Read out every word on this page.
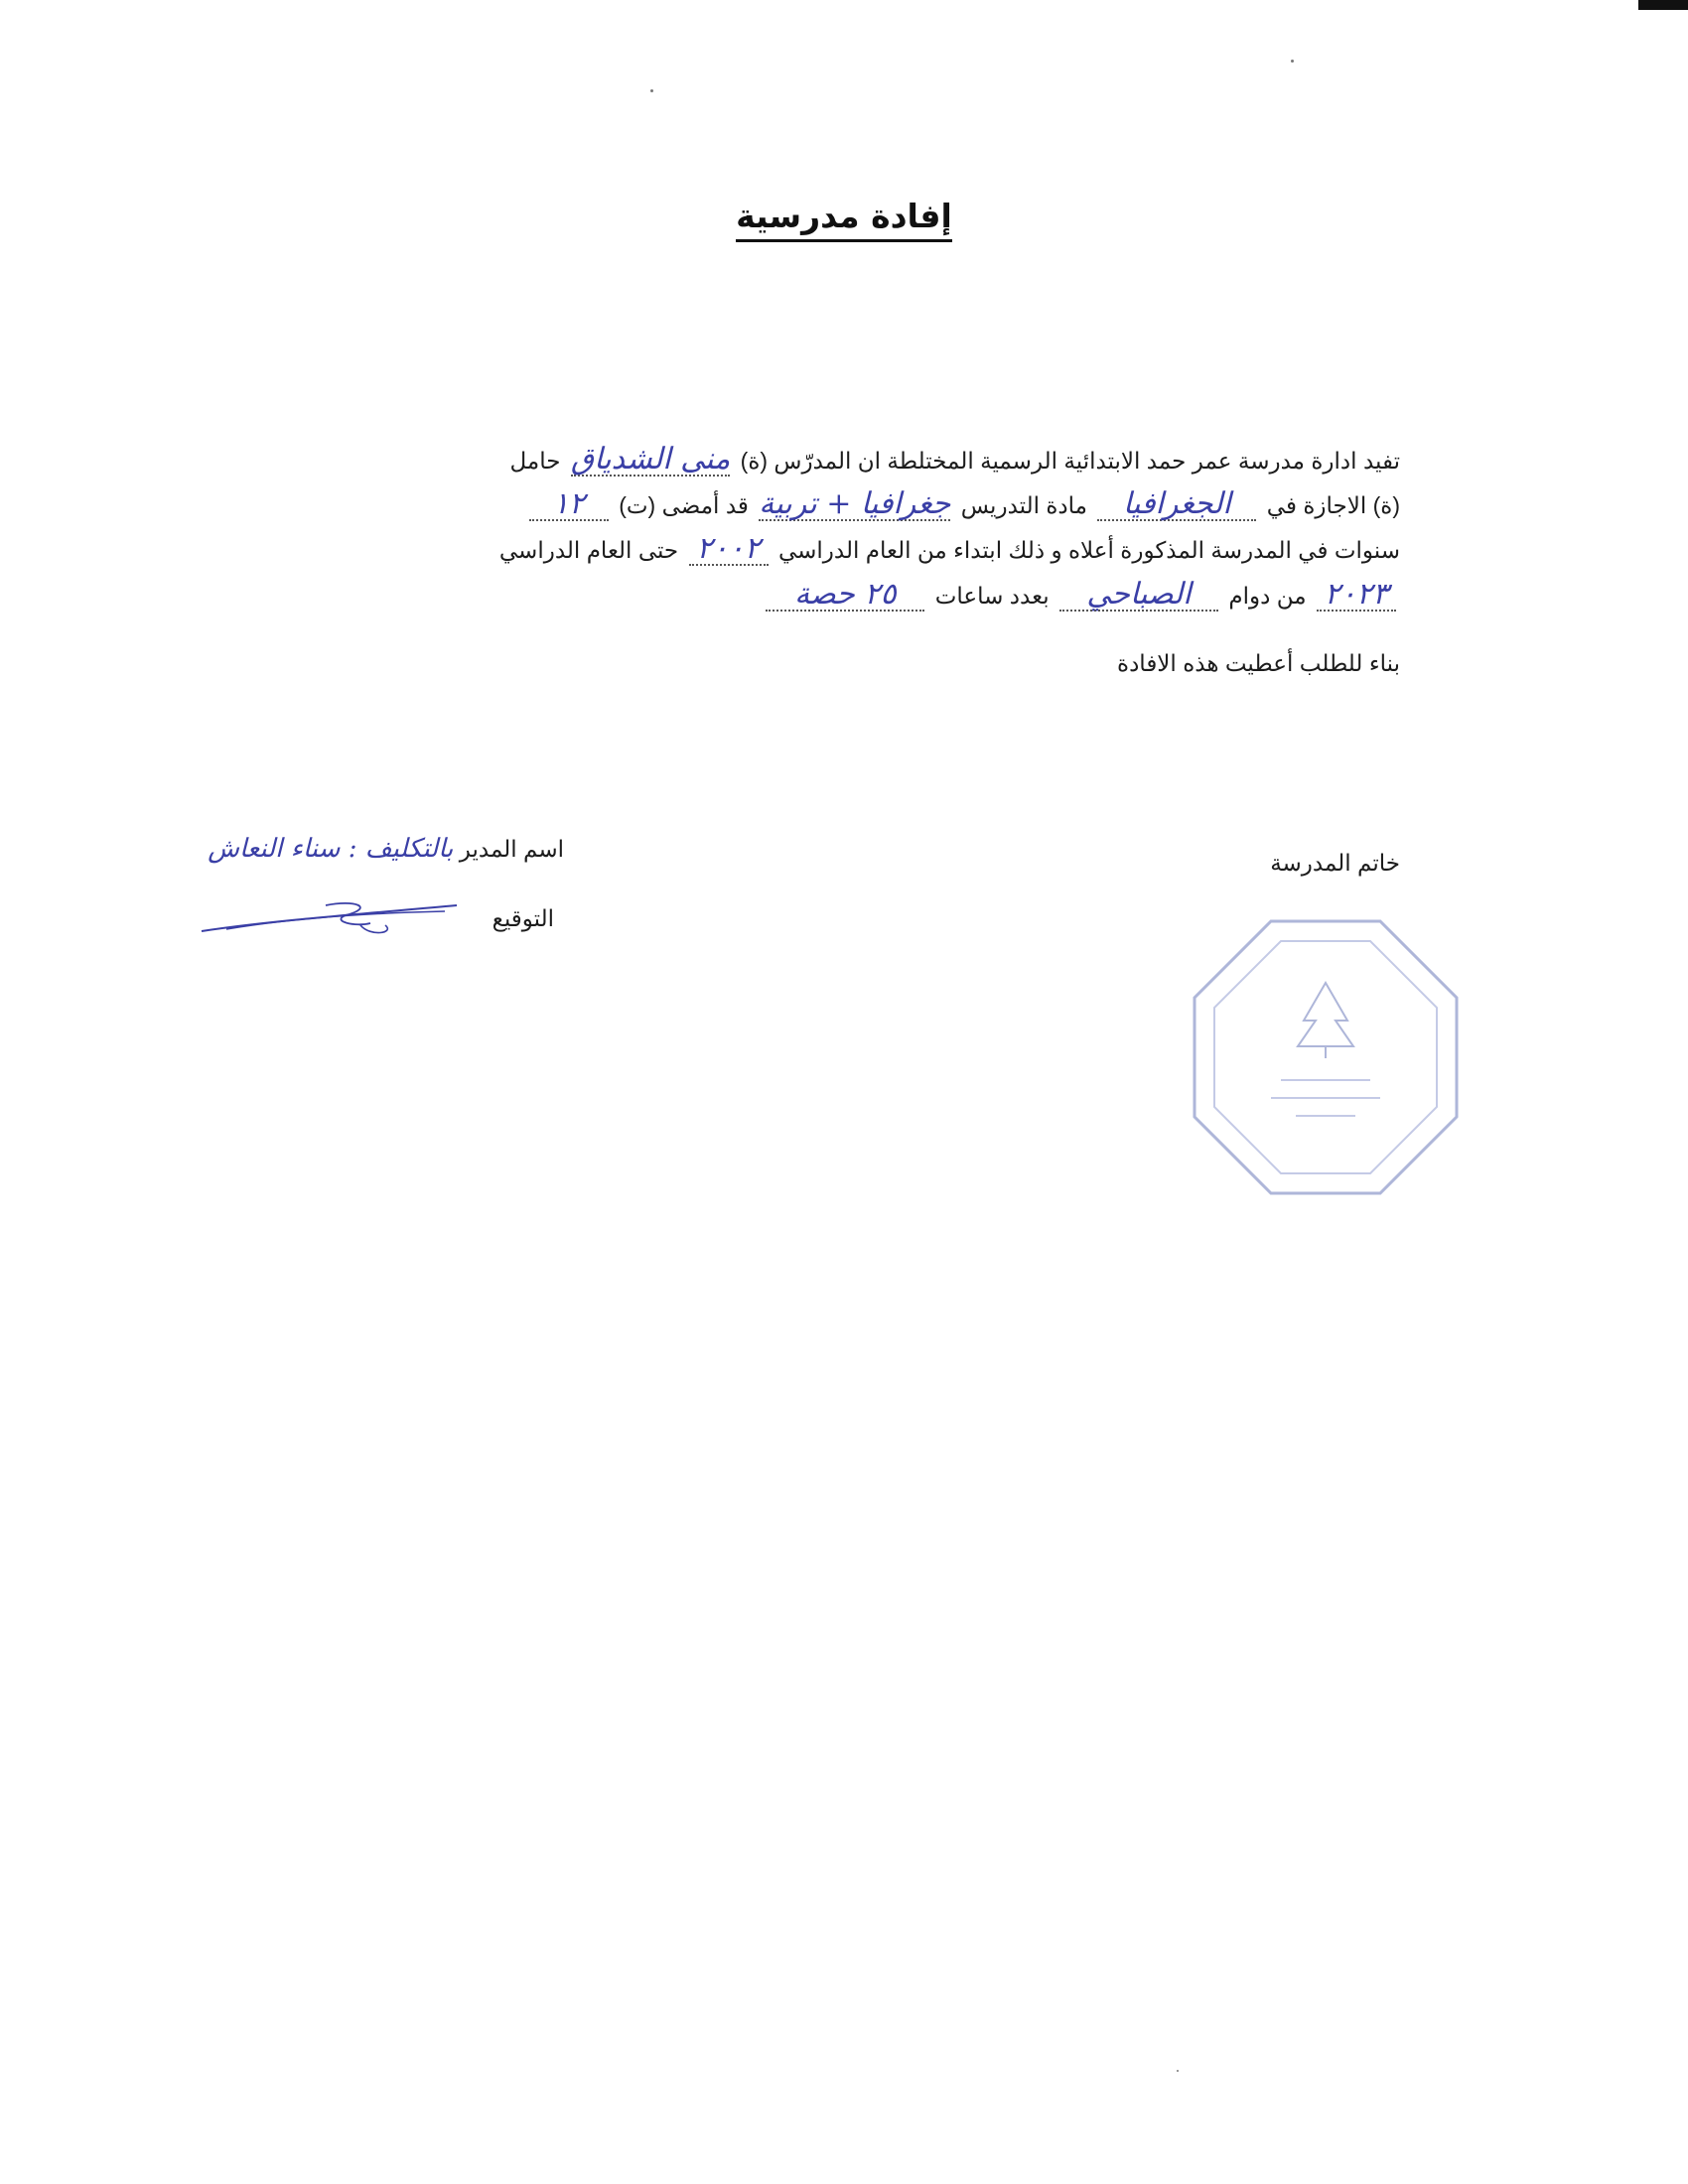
إفادة مدرسية
تفيد ادارة مدرسة عمر حمد الابتدائية الرسمية المختلطة ان المدرّس (ة) منى الشدياق حامل
(ة) الاجازة في الجغرافيا مادة التدريس جغرافيا + تربية قد أمضى (ت) ١٢
سنوات في المدرسة المذكورة أعلاه و ذلك ابتداء من العام الدراسي ٢٠٠٢ حتى العام الدراسي
٢٠٢٣ من دوام الصباحي بعدد ساعات ٢٥ حصة
بناء للطلب أعطيت هذه الافادة
اسم المدير بالتكليف : سناء النعاش
التوقيع
خاتم المدرسة
